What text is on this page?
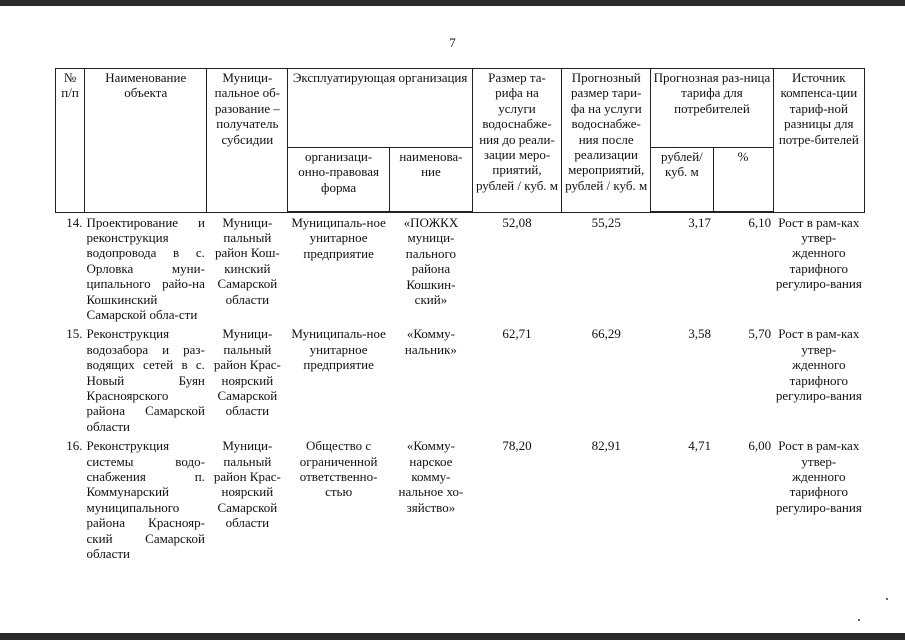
7
№ п/п	Наименование объекта	Муници-пальное об-разование – получатель субсидии	Эксплуатирующая организация		Размер та-рифа на услуги водоснабже-ния до реали-зации меро-приятий, рублей / куб. м	Прогнозный размер тари-фа на услуги водоснабже-ния после реализации мероприятий, рублей / куб. м	Прогнозная раз-ница тарифа для потребителей		Источник компенса-ции тариф-ной разницы для потре-бителей
			организаци-онно-правовая форма	наименова-ние			рублей/ куб. м	%	
14.	Проектирование и реконструкция водопровода в с. Орловка муни-ципального райо-на Кошкинский Самарской обла-сти	Муници-пальный район Кош-кинский Самарской области	Муниципаль-ное унитарное предприятие	«ПОЖКХ муници-пального района Кошкин-ский»	52,08	55,25	3,17	6,10	Рост в рам-ках утвер-жденного тарифного регулиро-вания
15.	Реконструкция водозабора и раз-водящих сетей в с. Новый Буян Красноярского района Самарской области	Муници-пальный район Крас-ноярский Самарской области	Муниципаль-ное унитарное предприятие	«Комму-нальник»	62,71	66,29	3,58	5,70	Рост в рам-ках утвер-жденного тарифного регулиро-вания
16.	Реконструкция системы водо-снабжения п. Коммунарский муниципального района Краснояр-ский Самарской области	Муници-пальный район Крас-ноярский Самарской области	Общество с ограниченной ответственно-стью	«Комму-нарское комму-нальное хо-зяйство»	78,20	82,91	4,71	6,00	Рост в рам-ках утвер-жденного тарифного регулиро-вания
